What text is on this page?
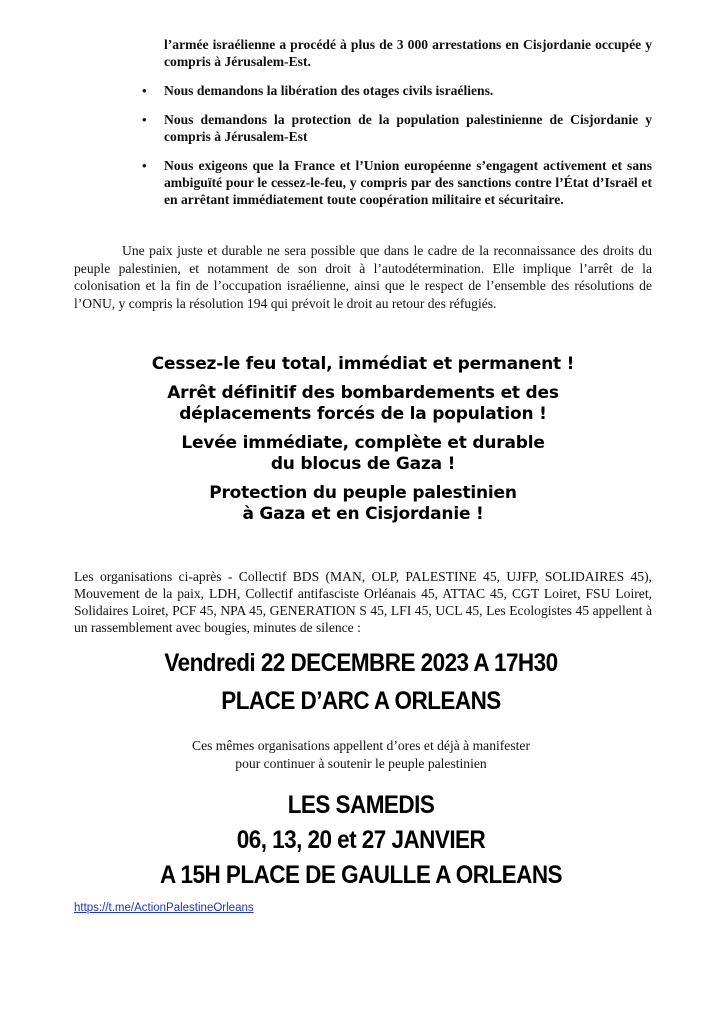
l’armée israélienne a procédé à plus de 3 000 arrestations en Cisjordanie occupée y compris à Jérusalem-Est.

• Nous demandons la libération des otages civils israéliens.
• Nous demandons la protection de la population palestinienne de Cisjordanie y compris à Jérusalem-Est
• Nous exigeons que la France et l’Union européenne s’engagent activement et sans ambiguïté pour le cessez-le-feu, y compris par des sanctions contre l’État d’Israël et en arrêtant immédiatement toute coopération militaire et sécuritaire.

Une paix juste et durable ne sera possible que dans le cadre de la reconnaissance des droits du peuple palestinien, et notamment de son droit à l’autodétermination. Elle implique l’arrêt de la colonisation et la fin de l’occupation israélienne, ainsi que le respect de l’ensemble des résolutions de l’ONU, y compris la résolution 194 qui prévoit le droit au retour des réfugiés.

Cessez-le feu total, immédiat et permanent !
Arrêt définitif des bombardements et des
déplacements forcés de la population !
Levée immédiate, complète et durable
du blocus de Gaza !
Protection du peuple palestinien
à Gaza et en Cisjordanie !

Les organisations ci-après - Collectif BDS (MAN, OLP, PALESTINE 45, UJFP, SOLIDAIRES 45), Mouvement de la paix, LDH, Collectif antifasciste Orléanais 45, ATTAC 45, CGT Loiret, FSU Loiret, Solidaires Loiret, PCF 45, NPA 45, GENERATION S 45, LFI 45, UCL 45, Les Ecologistes 45 appellent à un rassemblement avec bougies, minutes de silence :

Vendredi 22 DECEMBRE 2023 A 17H30
PLACE D’ARC A ORLEANS
Ces mêmes organisations appellent d’ores et déjà à manifester
pour continuer à soutenir le peuple palestinien
LES SAMEDIS
06, 13, 20 et 27 JANVIER
A 15H PLACE DE GAULLE A ORLEANS
https://t.me/ActionPalestineOrleans
